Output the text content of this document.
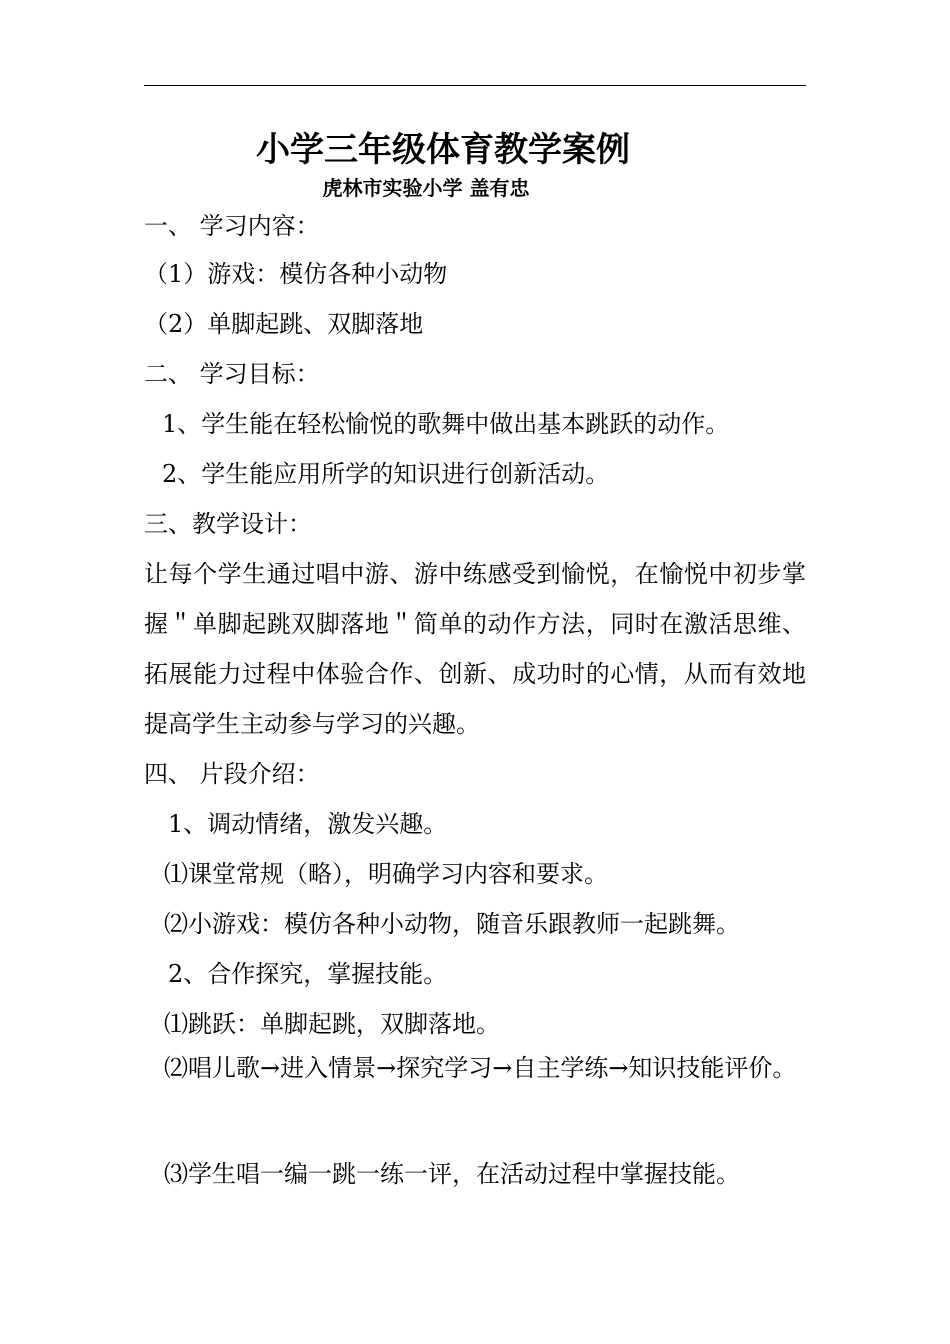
小学三年级体育教学案例
虎林市实验小学 盖有忠
一、 学习内容：
（1）游戏：模仿各种小动物
（2）单脚起跳、双脚落地
二、 学习目标：
1、学生能在轻松愉悦的歌舞中做出基本跳跃的动作。
2、学生能应用所学的知识进行创新活动。
三、教学设计：
让每个学生通过唱中游、游中练感受到愉悦，在愉悦中初步掌握＂单脚起跳双脚落地＂简单的动作方法，同时在激活思维、拓展能力过程中体验合作、创新、成功时的心情，从而有效地提高学生主动参与学习的兴趣。
四、 片段介绍：
1、调动情绪，激发兴趣。
⑴课堂常规（略），明确学习内容和要求。
⑵小游戏：模仿各种小动物，随音乐跟教师一起跳舞。
2、合作探究，掌握技能。
⑴跳跃：单脚起跳，双脚落地。
⑵唱儿歌→进入情景→探究学习→自主学练→知识技能评价。
⑶学生唱一编一跳一练一评，在活动过程中掌握技能。
